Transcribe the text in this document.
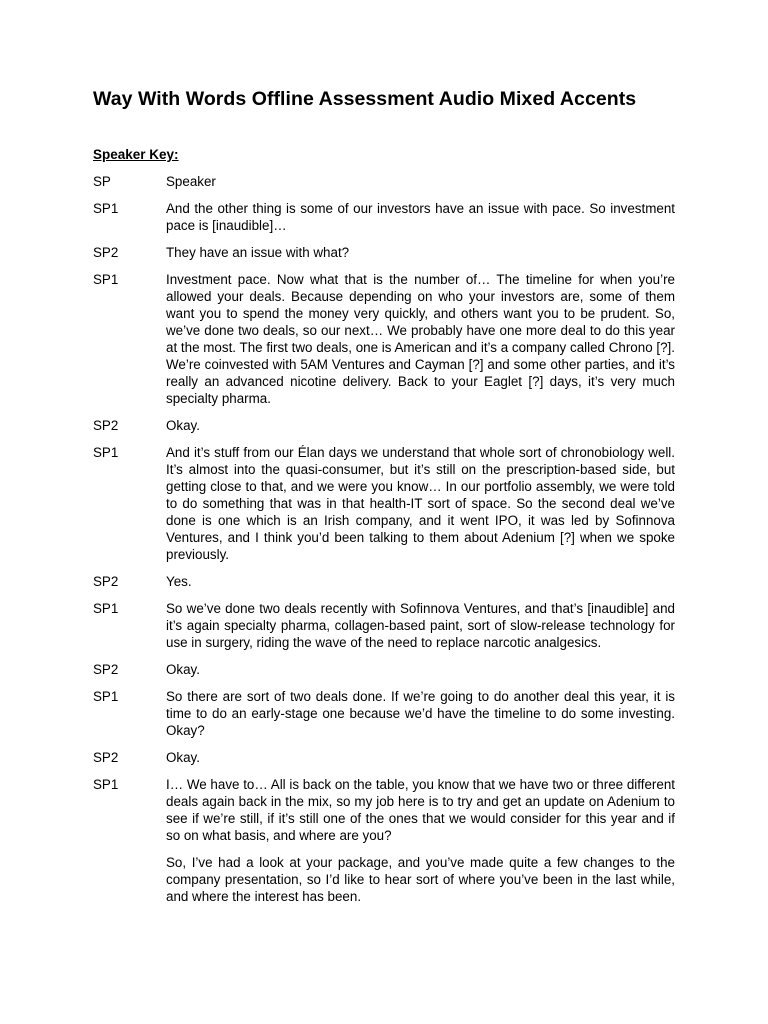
Way With Words Offline Assessment Audio Mixed Accents
Speaker Key:
SP	Speaker
SP1	And the other thing is some of our investors have an issue with pace. So investment pace is [inaudible]…
SP2	They have an issue with what?
SP1	Investment pace. Now what that is the number of… The timeline for when you’re allowed your deals. Because depending on who your investors are, some of them want you to spend the money very quickly, and others want you to be prudent. So, we’ve done two deals, so our next… We probably have one more deal to do this year at the most. The first two deals, one is American and it’s a company called Chrono [?]. We’re coinvested with 5AM Ventures and Cayman [?] and some other parties, and it’s really an advanced nicotine delivery. Back to your Eaglet [?] days, it’s very much specialty pharma.
SP2	Okay.
SP1	And it’s stuff from our Élan days we understand that whole sort of chronobiology well. It’s almost into the quasi-consumer, but it’s still on the prescription-based side, but getting close to that, and we were you know… In our portfolio assembly, we were told to do something that was in that health-IT sort of space. So the second deal we’ve done is one which is an Irish company, and it went IPO, it was led by Sofinnova Ventures, and I think you’d been talking to them about Adenium [?] when we spoke previously.
SP2	Yes.
SP1	So we’ve done two deals recently with Sofinnova Ventures, and that’s [inaudible] and it’s again specialty pharma, collagen-based paint, sort of slow-release technology for use in surgery, riding the wave of the need to replace narcotic analgesics.
SP2	Okay.
SP1	So there are sort of two deals done. If we’re going to do another deal this year, it is time to do an early-stage one because we’d have the timeline to do some investing. Okay?
SP2	Okay.
SP1	I… We have to… All is back on the table, you know that we have two or three different deals again back in the mix, so my job here is to try and get an update on Adenium to see if we’re still, if it’s still one of the ones that we would consider for this year and if so on what basis, and where are you?
So, I’ve had a look at your package, and you’ve made quite a few changes to the company presentation, so I’d like to hear sort of where you’ve been in the last while, and where the interest has been.
